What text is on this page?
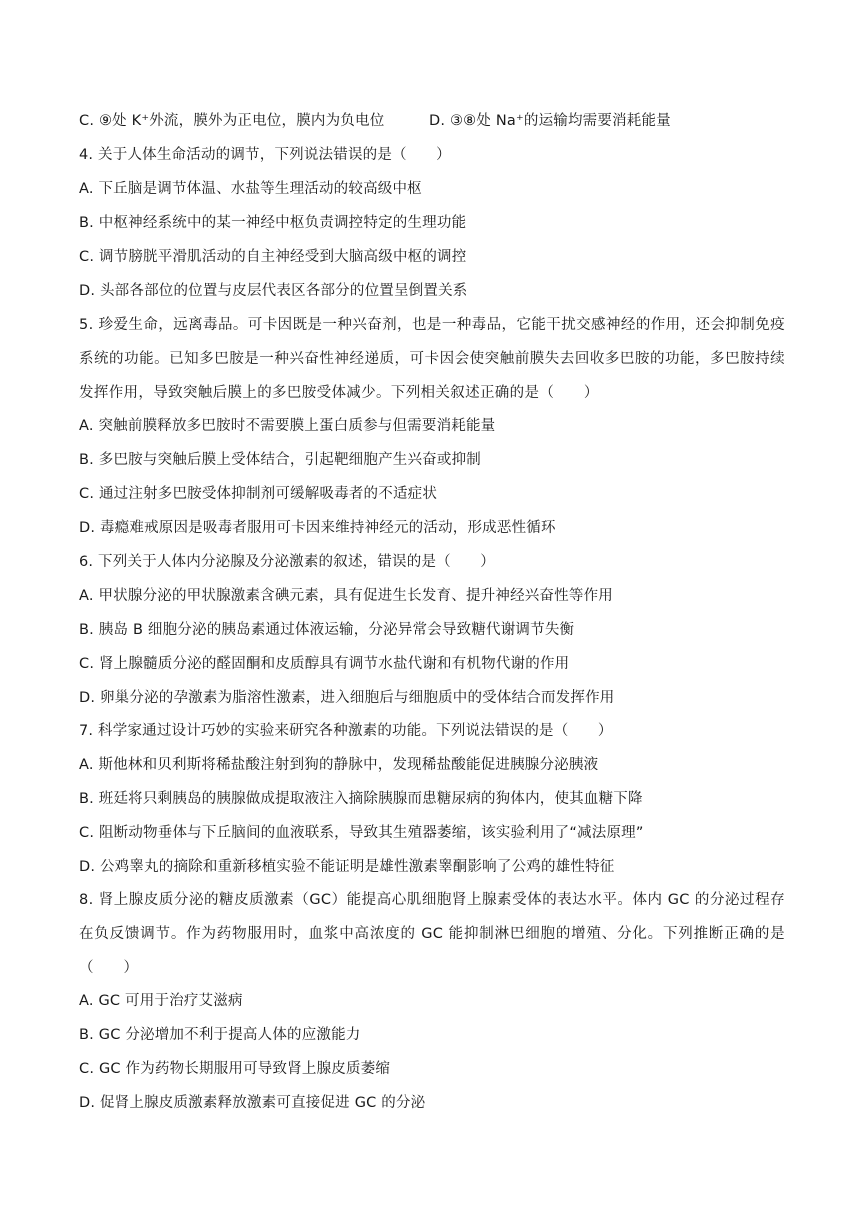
C. ⑨处 K⁺外流，膜外为正电位，膜内为负电位	D. ③⑧处 Na⁺的运输均需要消耗能量
4. 关于人体生命活动的调节，下列说法错误的是（　　）
A. 下丘脑是调节体温、水盐等生理活动的较高级中枢
B. 中枢神经系统中的某一神经中枢负责调控特定的生理功能
C. 调节膀胱平滑肌活动的自主神经受到大脑高级中枢的调控
D. 头部各部位的位置与皮层代表区各部分的位置呈倒置关系
5. 珍爱生命，远离毒品。可卡因既是一种兴奋剂，也是一种毒品，它能干扰交感神经的作用，还会抑制免疫系统的功能。已知多巴胺是一种兴奋性神经递质，可卡因会使突触前膜失去回收多巴胺的功能，多巴胺持续发挥作用，导致突触后膜上的多巴胺受体减少。下列相关叙述正确的是（　　）
A. 突触前膜释放多巴胺时不需要膜上蛋白质参与但需要消耗能量
B. 多巴胺与突触后膜上受体结合，引起靶细胞产生兴奋或抑制
C. 通过注射多巴胺受体抑制剂可缓解吸毒者的不适症状
D. 毒瘾难戒原因是吸毒者服用可卡因来维持神经元的活动，形成恶性循环
6. 下列关于人体内分泌腺及分泌激素的叙述，错误的是（　　）
A. 甲状腺分泌的甲状腺激素含碘元素，具有促进生长发育、提升神经兴奋性等作用
B. 胰岛 B 细胞分泌的胰岛素通过体液运输，分泌异常会导致糖代谢调节失衡
C. 肾上腺髓质分泌的醛固酮和皮质醇具有调节水盐代谢和有机物代谢的作用
D. 卵巢分泌的孕激素为脂溶性激素，进入细胞后与细胞质中的受体结合而发挥作用
7. 科学家通过设计巧妙的实验来研究各种激素的功能。下列说法错误的是（　　）
A. 斯他林和贝利斯将稀盐酸注射到狗的静脉中，发现稀盐酸能促进胰腺分泌胰液
B. 班廷将只剩胰岛的胰腺做成提取液注入摘除胰腺而患糖尿病的狗体内，使其血糖下降
C. 阻断动物垂体与下丘脑间的血液联系，导致其生殖器萎缩，该实验利用了“减法原理”
D. 公鸡睾丸的摘除和重新移植实验不能证明是雄性激素睾酮影响了公鸡的雄性特征
8. 肾上腺皮质分泌的糖皮质激素（GC）能提高心肌细胞肾上腺素受体的表达水平。体内 GC 的分泌过程存在负反馈调节。作为药物服用时，血浆中高浓度的 GC 能抑制淋巴细胞的增殖、分化。下列推断正确的是（　　）
A. GC 可用于治疗艾滋病
B. GC 分泌增加不利于提高人体的应激能力
C. GC 作为药物长期服用可导致肾上腺皮质萎缩
D. 促肾上腺皮质激素释放激素可直接促进 GC 的分泌
